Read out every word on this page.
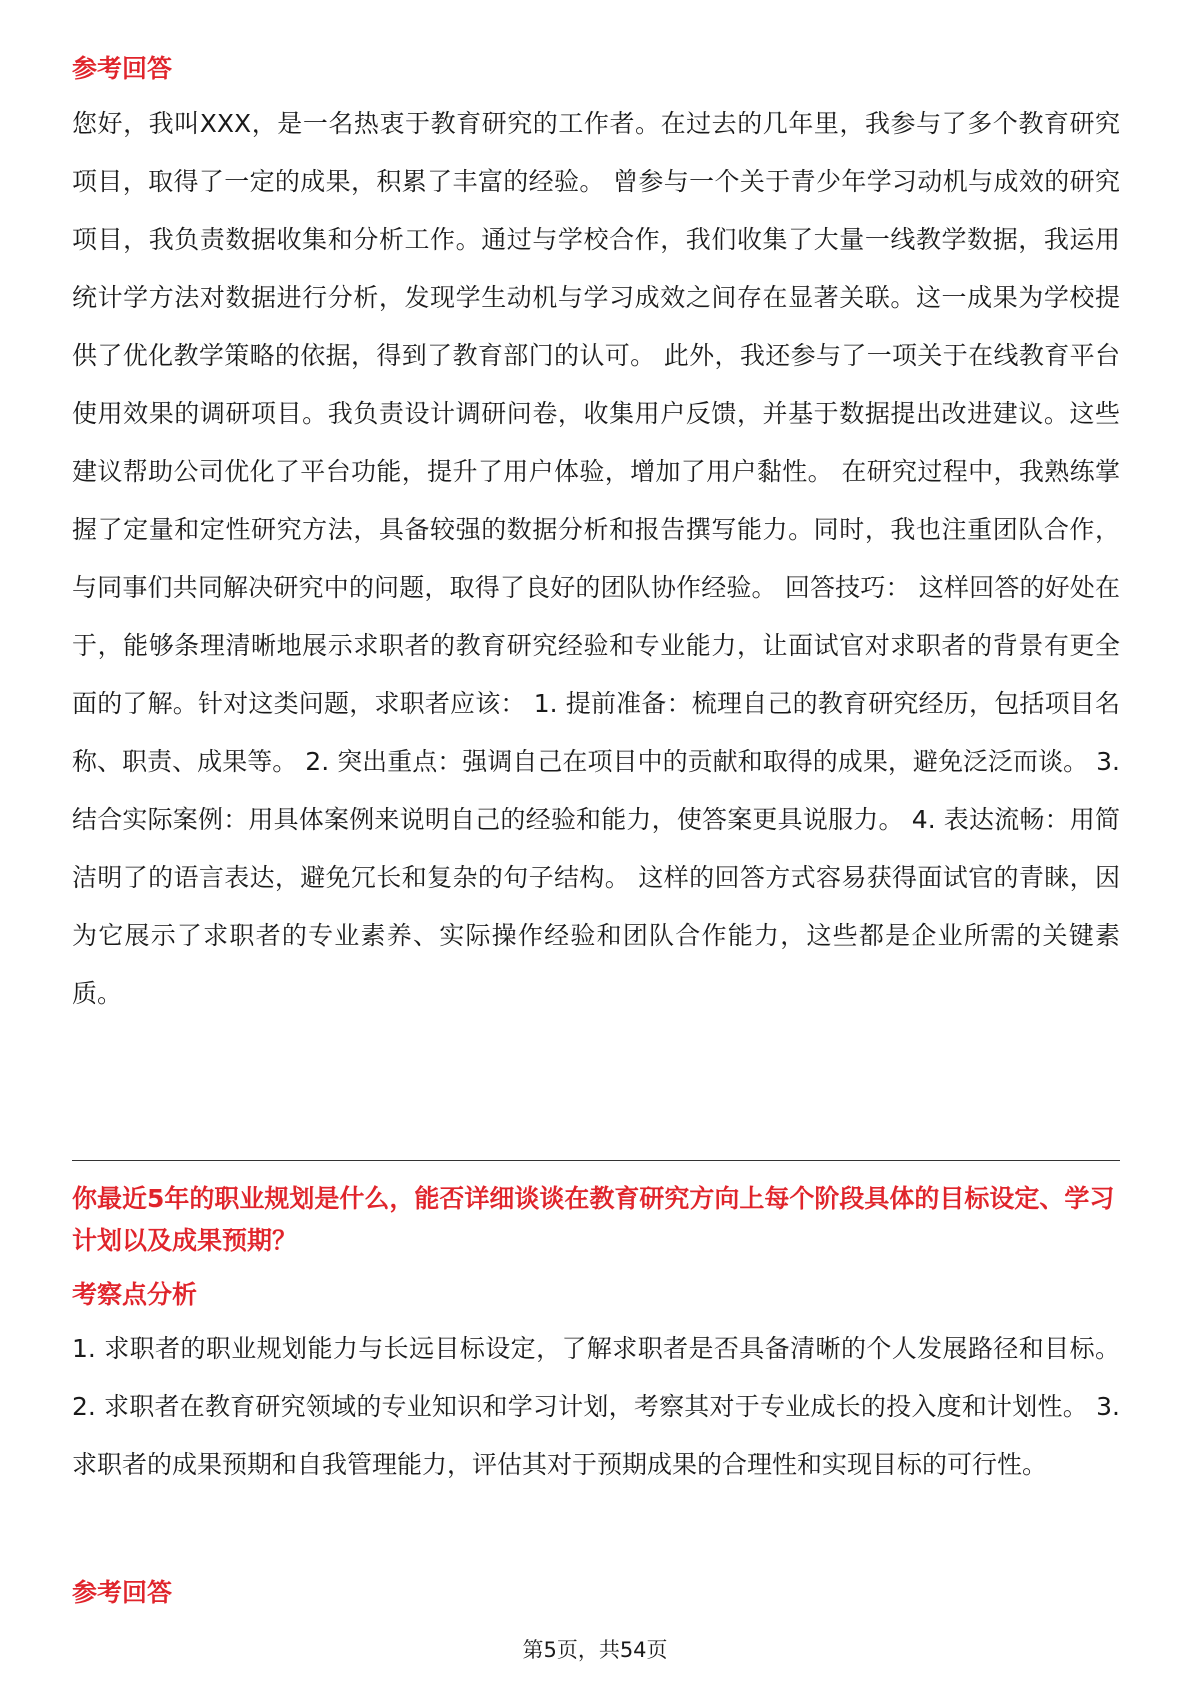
参考回答

您好，我叫XXX，是一名热衷于教育研究的工作者。在过去的几年里，我参与了多个教育研究项目，取得了一定的成果，积累了丰富的经验。 曾参与一个关于青少年学习动机与成效的研究项目，我负责数据收集和分析工作。通过与学校合作，我们收集了大量一线教学数据，我运用统计学方法对数据进行分析，发现学生动机与学习成效之间存在显著关联。这一成果为学校提供了优化教学策略的依据，得到了教育部门的认可。 此外，我还参与了一项关于在线教育平台使用效果的调研项目。我负责设计调研问卷，收集用户反馈，并基于数据提出改进建议。这些建议帮助公司优化了平台功能，提升了用户体验，增加了用户黏性。 在研究过程中，我熟练掌握了定量和定性研究方法，具备较强的数据分析和报告撰写能力。同时，我也注重团队合作，与同事们共同解决研究中的问题，取得了良好的团队协作经验。 回答技巧： 这样回答的好处在于，能够条理清晰地展示求职者的教育研究经验和专业能力，让面试官对求职者的背景有更全面的了解。针对这类问题，求职者应该： 1. 提前准备：梳理自己的教育研究经历，包括项目名称、职责、成果等。 2. 突出重点：强调自己在项目中的贡献和取得的成果，避免泛泛而谈。 3. 结合实际案例：用具体案例来说明自己的经验和能力，使答案更具说服力。 4. 表达流畅：用简洁明了的语言表达，避免冗长和复杂的句子结构。 这样的回答方式容易获得面试官的青睐，因为它展示了求职者的专业素养、实际操作经验和团队合作能力，这些都是企业所需的关键素质。

你最近5年的职业规划是什么，能否详细谈谈在教育研究方向上每个阶段具体的目标设定、学习计划以及成果预期？
考察点分析

1. 求职者的职业规划能力与长远目标设定，了解求职者是否具备清晰的个人发展路径和目标。 2. 求职者在教育研究领域的专业知识和学习计划，考察其对于专业成长的投入度和计划性。 3. 求职者的成果预期和自我管理能力，评估其对于预期成果的合理性和实现目标的可行性。

参考回答
第5页，共54页
